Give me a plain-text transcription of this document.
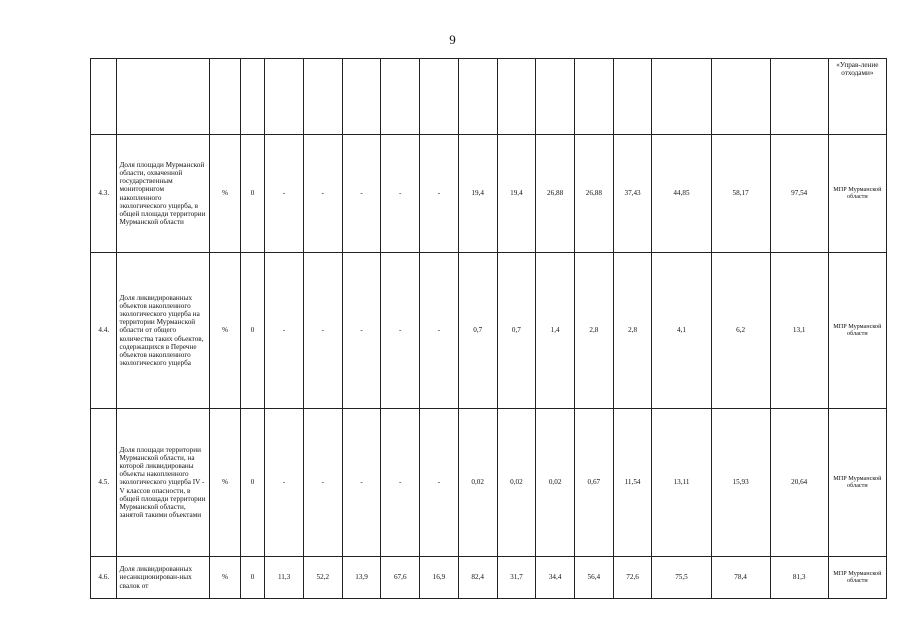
9
																	«Управ-ление отходами»
4.3.	Доля площади Мурманской области, охваченной государственным мониторингом накопленного экологического ущерба, в общей площади территории Мурманской области	%	0	-	-	-	-	-	19,4	19,4	26,88	26,88	37,43	44,85	58,17	97,54	МПР Мурманской области
4.4.	Доля ликвидированных объектов накопленного экологического ущерба на территории Мурманской области от общего количества таких объектов, содержащихся в Перечне объектов накопленного экологического ущерба	%	0	-	-	-	-	-	0,7	0,7	1,4	2,8	2,8	4,1	6,2	13,1	МПР Мурманской области
4.5.	Доля площади территории Мурманской области, на которой ликвидированы объекты накопленного экологического ущерба IV - V классов опасности, в общей площади территории Мурманской области, занятой такими объектами	%	0	-	-	-	-	-	0,02	0,02	0,02	0,67	11,54	13,11	15,93	20,64	МПР Мурманской области
4.6.	Доля ликвидированных несанкционирован-ных свалок от	%	0	11,3	52,2	13,9	67,6	16,9	82,4	31,7	34,4	56,4	72,6	75,5	78,4	81,3	МПР Мурманской области
